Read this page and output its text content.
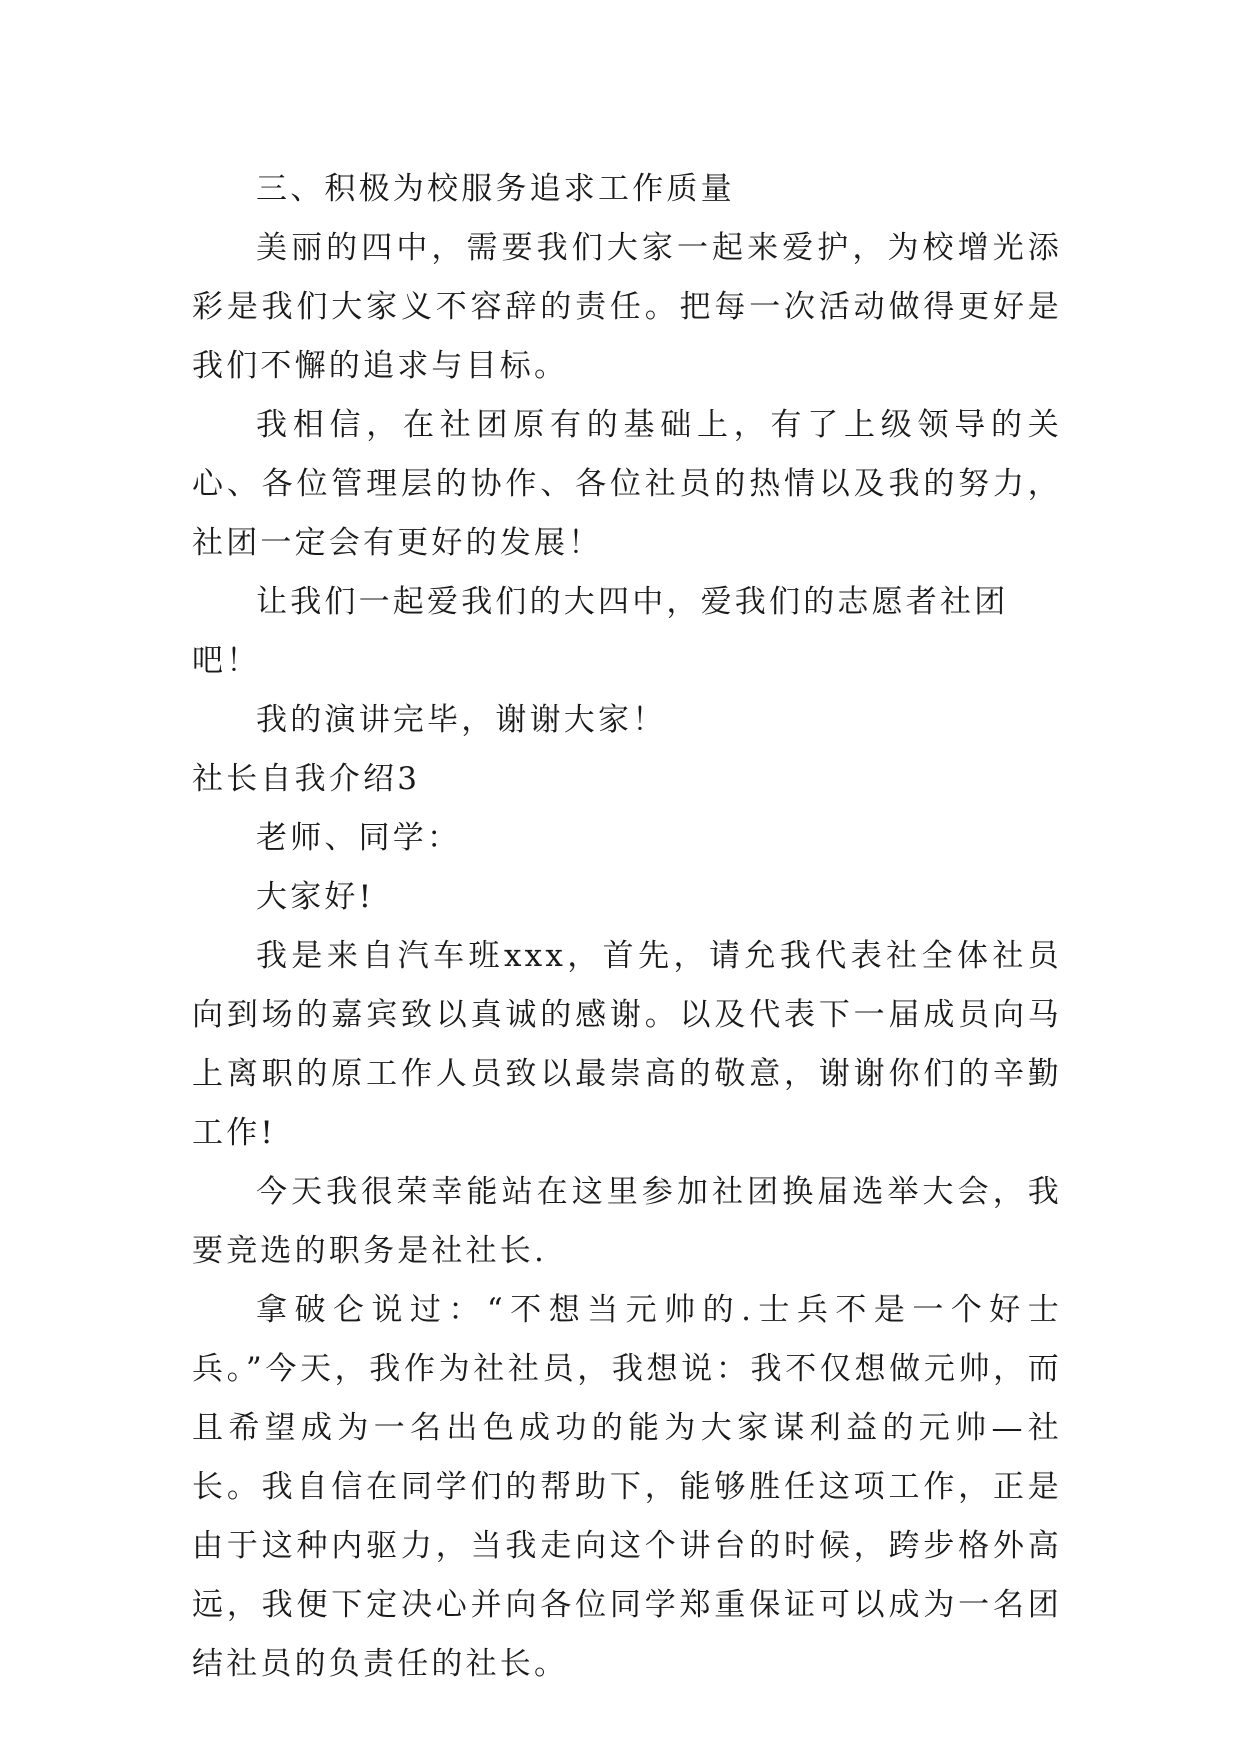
三、积极为校服务追求工作质量

美丽的四中，需要我们大家一起来爱护，为校增光添彩是我们大家义不容辞的责任。把每一次活动做得更好是我们不懈的追求与目标。

我相信，在社团原有的基础上，有了上级领导的关心、各位管理层的协作、各位社员的热情以及我的努力，社团一定会有更好的发展！

让我们一起爱我们的大四中，爱我们的志愿者社团吧！

我的演讲完毕，谢谢大家！

社长自我介绍3

老师、同学：

大家好!

我是来自汽车班xxx，首先，请允我代表社全体社员向到场的嘉宾致以真诚的感谢。以及代表下一届成员向马上离职的原工作人员致以最崇高的敬意，谢谢你们的辛勤工作!

今天我很荣幸能站在这里参加社团换届选举大会，我要竞选的职务是社社长.

拿破仑说过：“不想当元帅的.士兵不是一个好士兵。”今天，我作为社社员，我想说：我不仅想做元帅，而且希望成为一名出色成功的能为大家谋利益的元帅—社长。我自信在同学们的帮助下，能够胜任这项工作，正是由于这种内驱力，当我走向这个讲台的时候，跨步格外高远，我便下定决心并向各位同学郑重保证可以成为一名团结社员的负责任的社长。
